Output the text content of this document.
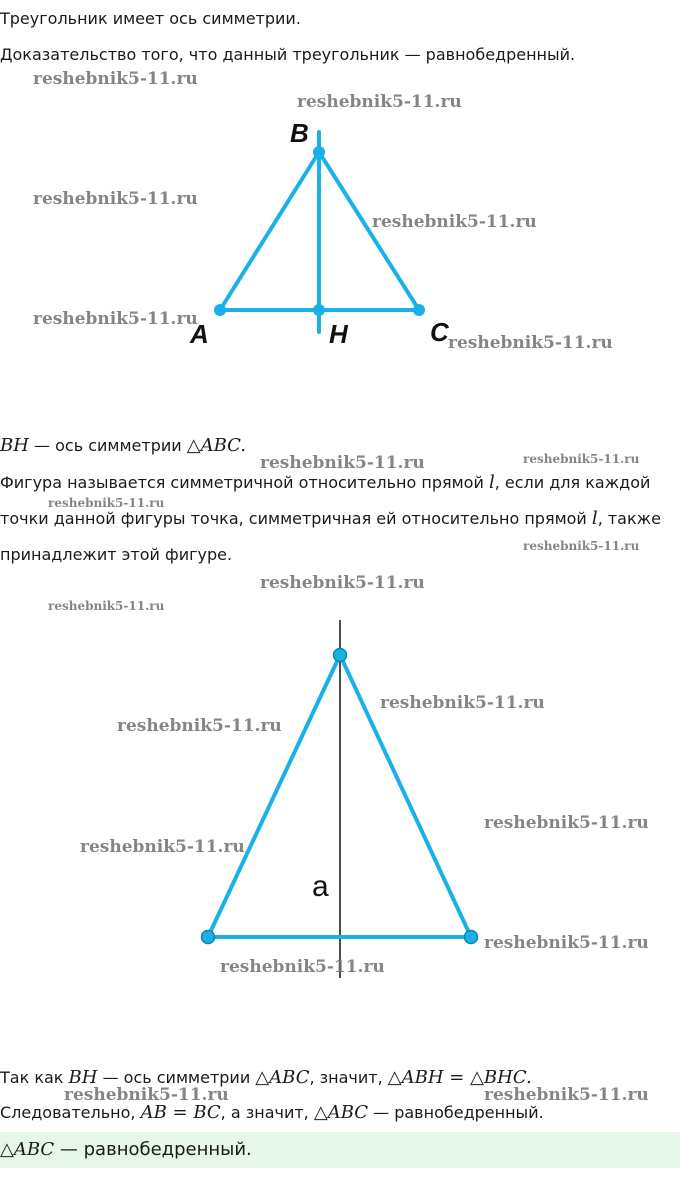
Треугольник имеет ось симметрии.
Доказательство того, что данный треугольник — равнобедренный.
B
A	H	C
BH — ось симметрии △ABC.
Фигура называется симметричной относительно прямой l, если для каждой
точки данной фигуры точка, симметричная ей относительно прямой l, также
принадлежит этой фигуре.
a
Так как BH — ось симметрии △ABC, значит, △ABH = △BHC.
Следовательно, AB = BC, а значит, △ABC — равнобедренный.
△ABC — равнобедренный.
reshebnik5-11.ru
reshebnik5-11.ru
reshebnik5-11.ru
reshebnik5-11.ru
reshebnik5-11.ru
reshebnik5-11.ru
reshebnik5-11.ru	reshebnik5-11.ru
reshebnik5-11.ru
reshebnik5-11.ru
reshebnik5-11.ru
reshebnik5-11.ru
reshebnik5-11.ru
reshebnik5-11.ru
reshebnik5-11.ru
reshebnik5-11.ru
reshebnik5-11.ru
reshebnik5-11.ru
reshebnik5-11.ru	reshebnik5-11.ru
